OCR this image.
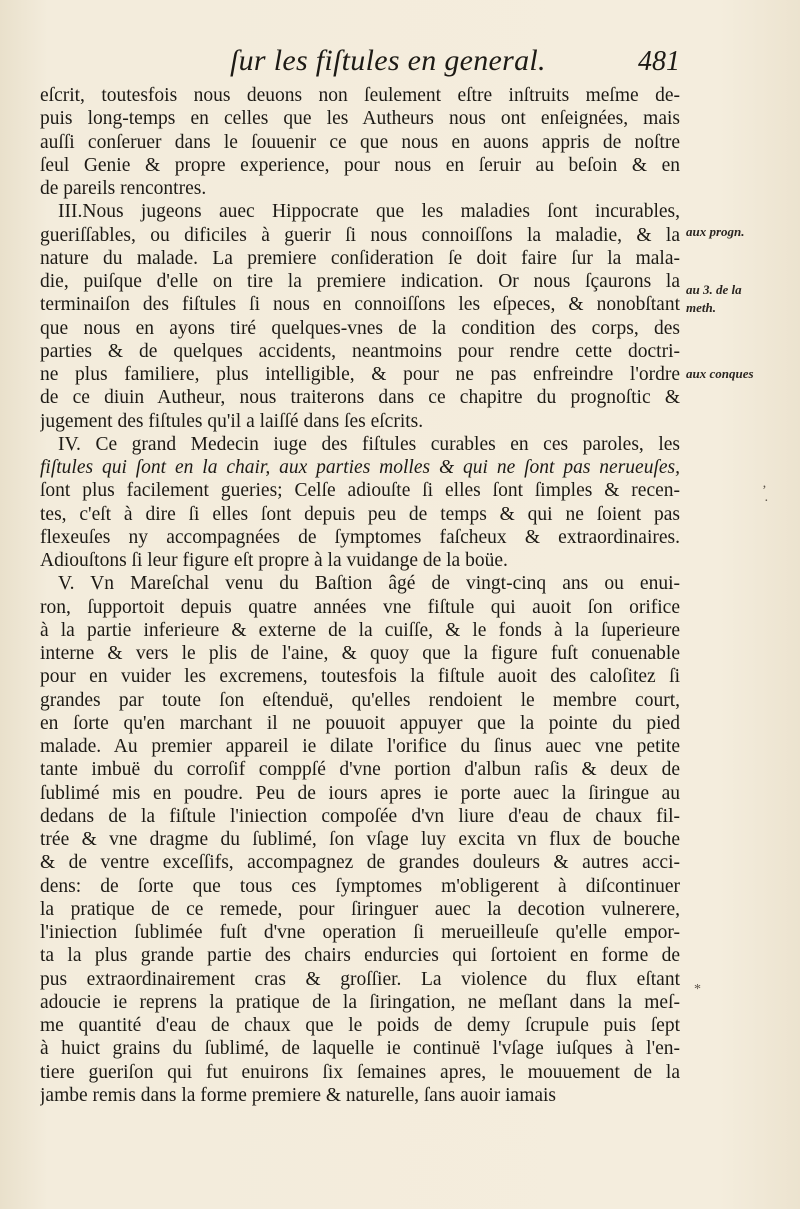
ſur les fiſtules en general.	481
eſcrit, toutesfois nous deuons non ſeulement eſtre inſtruits meſme de-
puis long-temps en celles que les Autheurs nous ont enſeignées, mais
auſſi conſeruer dans le ſouuenir ce que nous en auons appris de noſtre
ſeul Genie & propre experience, pour nous en ſeruir au beſoin & en
de pareils rencontres.
III.Nous jugeons auec Hippocrate que les maladies ſont incurables,
gueriſſables, ou dificiles à guerir ſi nous connoiſſons la maladie, & la
nature du malade. La premiere conſideration ſe doit faire ſur la mala-
die, puiſque d'elle on tire la premiere indication. Or nous ſçaurons la
terminaiſon des fiſtules ſi nous en connoiſſons les eſpeces, & nonobſtant
que nous en ayons tiré quelques-vnes de la condition des corps, des
parties & de quelques accidents, neantmoins pour rendre cette doctri-
ne plus familiere, plus intelligible, & pour ne pas enfreindre l'ordre
de ce diuin Autheur, nous traiterons dans ce chapitre du prognoſtic &
jugement des fiſtules qu'il a laiſſé dans ſes eſcrits.
IV. Ce grand Medecin iuge des fiſtules curables en ces paroles, les
fiſtules qui ſont en la chair, aux parties molles & qui ne ſont pas nerueuſes,
ſont plus facilement gueries; Celſe adiouſte ſi elles ſont ſimples & recen-
tes, c'eſt à dire ſi elles ſont depuis peu de temps & qui ne ſoient pas
flexeuſes ny accompagnées de ſymptomes faſcheux & extraordinaires.
Adiouſtons ſi leur figure eſt propre à la vuidange de la boüe.
V. Vn Mareſchal venu du Baſtion âgé de vingt-cinq ans ou enui-
ron, ſupportoit depuis quatre années vne fiſtule qui auoit ſon orifice
à la partie inferieure & externe de la cuiſſe, & le fonds à la ſuperieure
interne & vers le plis de l'aine, & quoy que la figure fuſt conuenable
pour en vuider les excremens, toutesfois la fiſtule auoit des caloſitez ſi
grandes par toute ſon eſtenduë, qu'elles rendoient le membre court,
en ſorte qu'en marchant il ne pouuoit appuyer que la pointe du pied
malade. Au premier appareil ie dilate l'orifice du ſinus auec vne petite
tante imbuë du corroſif comppſé d'vne portion d'albun raſis & deux de
ſublimé mis en poudre. Peu de iours apres ie porte auec la ſiringue au
dedans de la fiſtule l'iniection compoſée d'vn liure d'eau de chaux fil-
trée & vne dragme du ſublimé, ſon vſage luy excita vn flux de bouche
& de ventre exceſſifs, accompagnez de grandes douleurs & autres acci-
dens: de ſorte que tous ces ſymptomes m'obligerent à diſcontinuer
la pratique de ce remede, pour ſiringuer auec la decotion vulnerere,
l'iniection ſublimée fuſt d'vne operation ſi merueilleuſe qu'elle empor-
ta la plus grande partie des chairs endurcies qui ſortoient en forme de
pus extraordinairement cras & groſſier. La violence du flux eſtant
adoucie ie reprens la pratique de la ſiringation, ne meſlant dans la meſ-
me quantité d'eau de chaux que le poids de demy ſcrupule puis ſept
à huict grains du ſublimé, de laquelle ie continuë l'vſage iuſques à l'en-
tiere gueriſon qui fut enuirons ſix ſemaines apres, le mouuement de la
jambe remis dans la forme premiere & naturelle, ſans auoir iamais
aux progn.
au 3. de la
meth.
aux conques
‚
·
*
